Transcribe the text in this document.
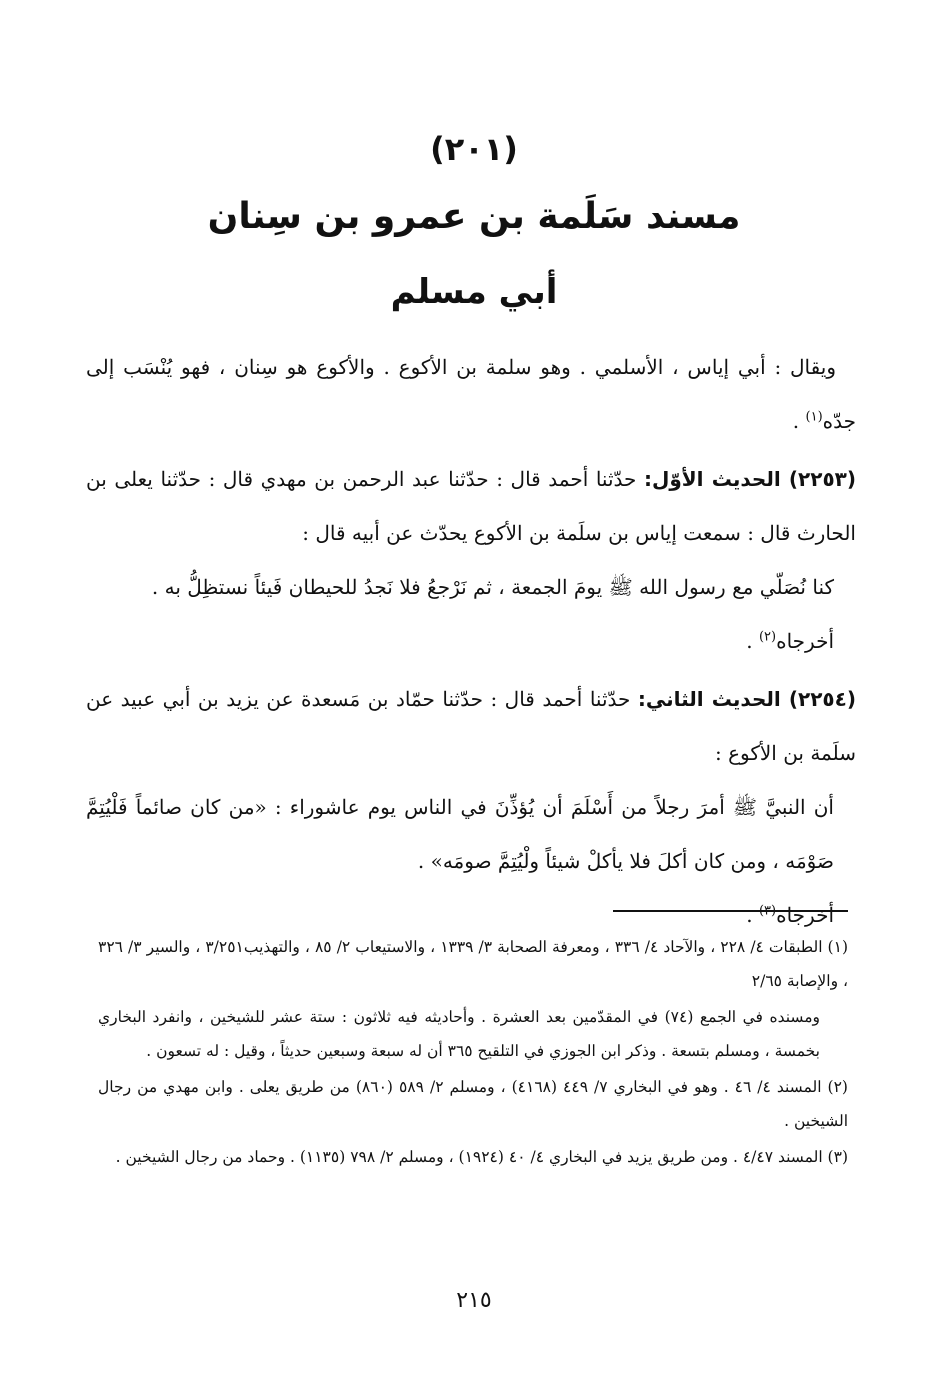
(٢٠١)
مسند سَلَمة بن عمرو بن سِنان
أبي مسلم

ويقال : أبي إياس ، الأسلمي . وهو سلمة بن الأكوع . والأكوع هو سِنان ، فهو يُنْسَب إلى جدّه$^{(١)}$ .

(٢٢٥٣) الحديث الأوّل: حدّثنا أحمد قال : حدّثنا عبد الرحمن بن مهدي قال : حدّثنا يعلى بن الحارث قال : سمعت إياس بن سلَمة بن الأكوع يحدّث عن أبيه قال :

كنا نُصَلّي مع رسول الله ﷺ يومَ الجمعة ، ثم نَرْجعُ فلا نَجدُ للحيطان فَيئاً نستظِلُّ به .

أخرجاه$^{(٢)}$ .

(٢٢٥٤) الحديث الثاني: حدّثنا أحمد قال : حدّثنا حمّاد بن مَسعدة عن يزيد بن أبي عبيد عن سلَمة بن الأكوع :

أن النبيَّ ﷺ أمرَ رجلاً من أَسْلَمَ أن يُؤذِّنَ في الناس يوم عاشوراء : «من كان صائماً فَلْيُتِمَّ صَوْمَه ، ومن كان أكلَ فلا يأكلْ شيئاً ولْيُتِمَّ صومَه» .

أخرجاه$^{(٣)}$ .

(١) الطبقات ٤/ ٢٢٨ ، والآحاد ٤/ ٣٣٦ ، ومعرفة الصحابة ٣/ ١٣٣٩ ، والاستيعاب ٢/ ٨٥ ، والتهذيب٣/٢٥١ ، والسير ٣/ ٣٢٦ ، والإصابة ٢/٦٥

ومسنده في الجمع (٧٤) في المقدّمين بعد العشرة . وأحاديثه فيه ثلاثون : ستة عشر للشيخين ، وانفرد البخاري بخمسة ، ومسلم بتسعة . وذكر ابن الجوزي في التلقيح ٣٦٥ أن له سبعة وسبعين حديثاً ، وقيل : له تسعون .

(٢) المسند ٤/ ٤٦ . وهو في البخاري ٧/ ٤٤٩ (٤١٦٨) ، ومسلم ٢/ ٥٨٩ (٨٦٠) من طريق يعلى . وابن مهدي من رجال الشيخين .

(٣) المسند ٤/٤٧ . ومن طريق يزيد في البخاري ٤/ ٤٠ (١٩٢٤) ، ومسلم ٢/ ٧٩٨ (١١٣٥) . وحماد من رجال الشيخين .

٢١٥
